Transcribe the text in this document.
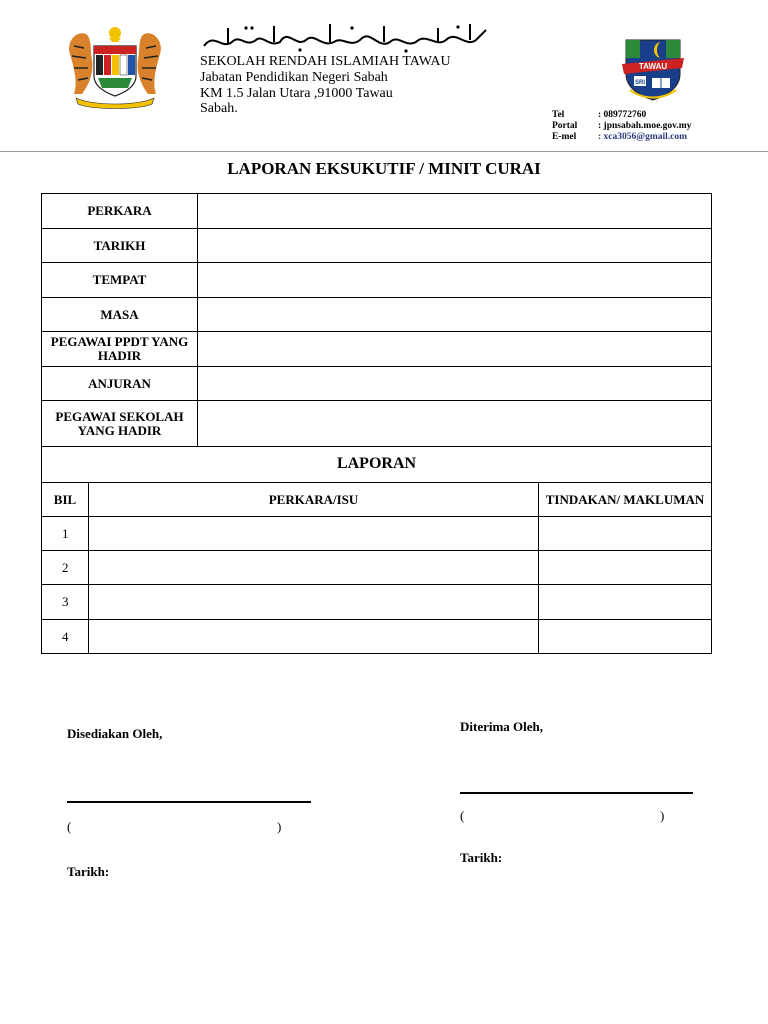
SEKOLAH RENDAH ISLAMIAH TAWAU
Jabatan Pendidikan Negeri Sabah
KM 1.5 Jalan Utara ,91000 Tawau
Sabah.
TAWAU
SRI
Tel	: 089772760
Portal : jpnsabah.moe.gov.my
E-mel : xca3056@gmail.com
LAPORAN EKSUKUTIF / MINIT CURAI
PERKARA	
TARIKH	
TEMPAT	
MASA	
PEGAWAI PPDT YANG HADIR	
ANJURAN	
PEGAWAI SEKOLAH YANG HADIR	
LAPORAN		
BIL	PERKARA/ISU	TINDAKAN/ MAKLUMAN
1		
2		
3		
4		
Disediakan Oleh,
(	)
Tarikh:
Diterima Oleh,
(	)
Tarikh:
